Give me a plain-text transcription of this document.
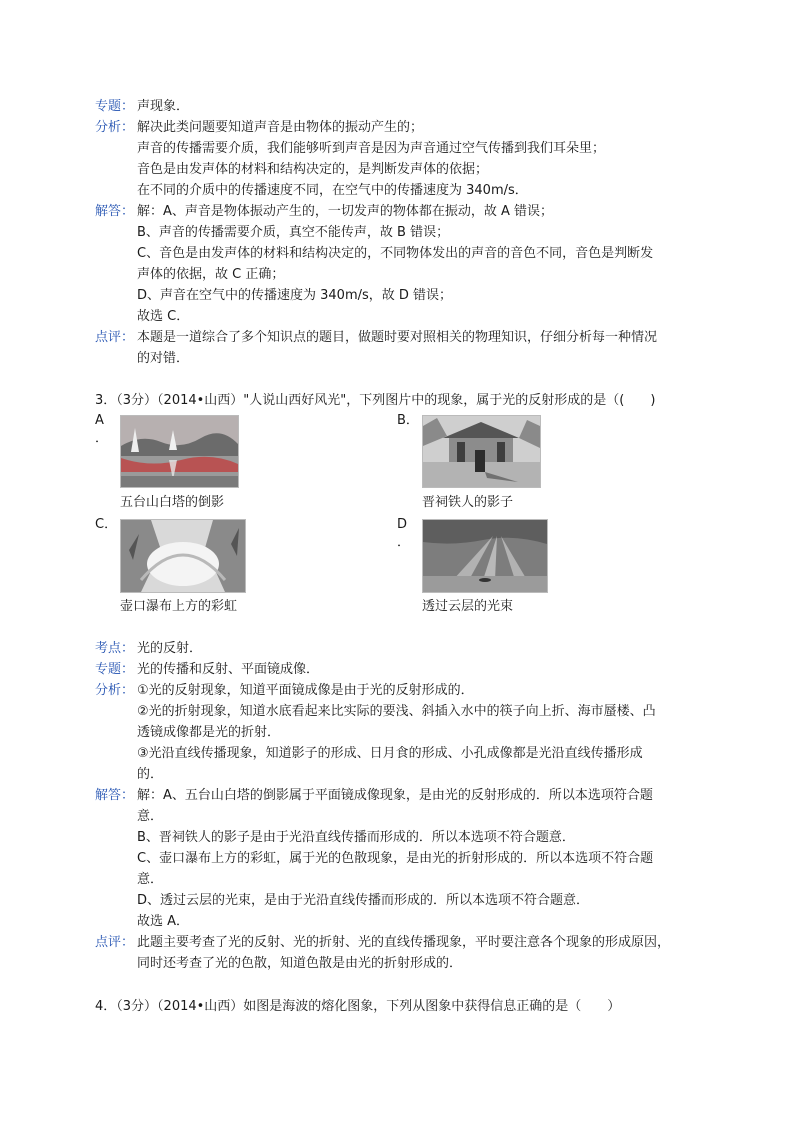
专题： 声现象．
分析： 解决此类问题要知道声音是由物体的振动产生的；
声音的传播需要介质，我们能够听到声音是因为声音通过空气传播到我们耳朵里；
音色是由发声体的材料和结构决定的，是判断发声体的依据；
在不同的介质中的传播速度不同，在空气中的传播速度为 340m/s．
解答： 解：A、声音是物体振动产生的，一切发声的物体都在振动，故 A 错误；
B、声音的传播需要介质，真空不能传声，故 B 错误；
C、音色是由发声体的材料和结构决定的，不同物体发出的声音的音色不同，音色是判断发
声体的依据，故 C 正确；
D、声音在空气中的传播速度为 340m/s，故 D 错误；
故选 C．
点评： 本题是一道综合了多个知识点的题目，做题时要对照相关的物理知识，仔细分析每一种情况
的对错．
3．（3分）（2014•山西）"人说山西好风光"，下列图片中的现象，属于光的反射形成的是（(　　)
A
．
五台山白塔的倒影
B．
晋祠铁人的影子
C．
壶口瀑布上方的彩虹
D
．
透过云层的光束
考点： 光的反射．
专题： 光的传播和反射、平面镜成像．
分析： ①光的反射现象，知道平面镜成像是由于光的反射形成的．
②光的折射现象，知道水底看起来比实际的要浅、斜插入水中的筷子向上折、海市蜃楼、凸
透镜成像都是光的折射．
③光沿直线传播现象，知道影子的形成、日月食的形成、小孔成像都是光沿直线传播形成
的．
解答： 解：A、五台山白塔的倒影属于平面镜成像现象，是由光的反射形成的．所以本选项符合题
意．
B、晋祠铁人的影子是由于光沿直线传播而形成的．所以本选项不符合题意．
C、壶口瀑布上方的彩虹，属于光的色散现象，是由光的折射形成的．所以本选项不符合题
意．
D、透过云层的光束，是由于光沿直线传播而形成的．所以本选项不符合题意．
故选 A．
点评： 此题主要考查了光的反射、光的折射、光的直线传播现象，平时要注意各个现象的形成原因，
同时还考查了光的色散，知道色散是由光的折射形成的．
4．（3分）（2014•山西）如图是海波的熔化图象，下列从图象中获得信息正确的是（　　）
